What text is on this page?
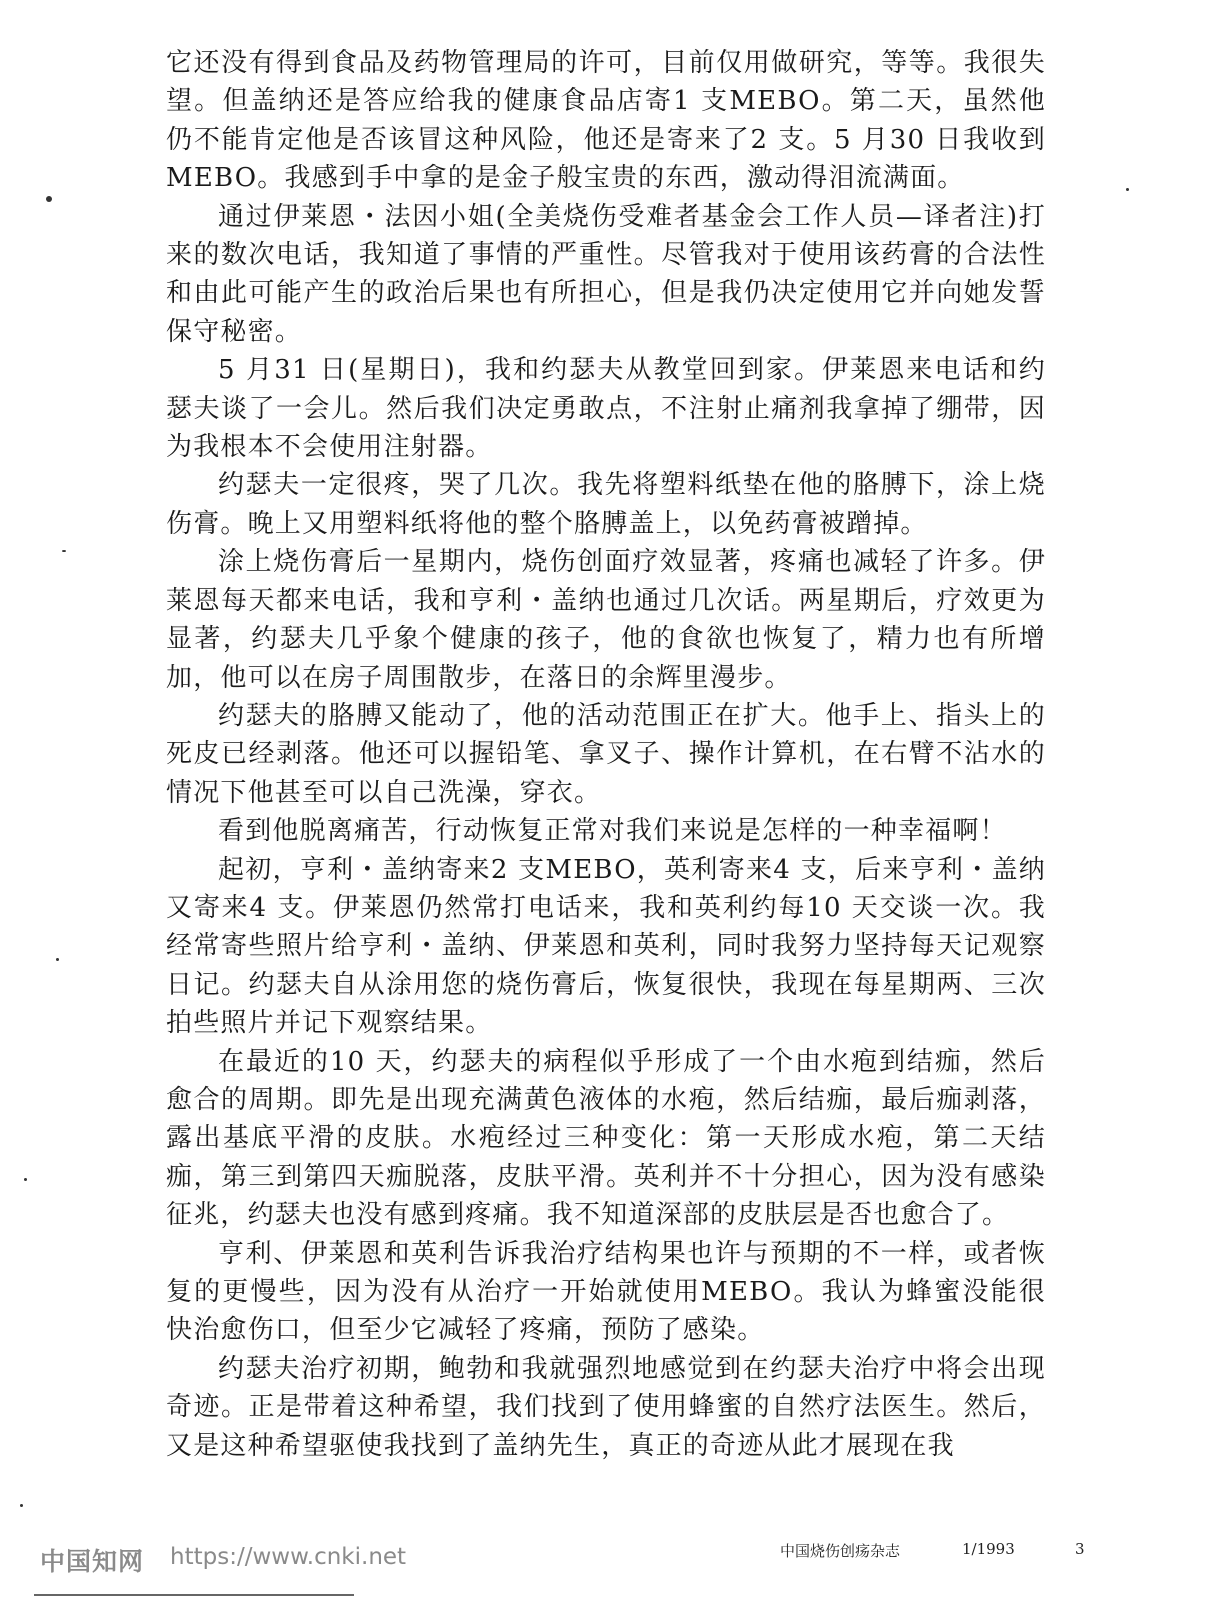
它还没有得到食品及药物管理局的许可，目前仅用做研究，等等。我很失望。但盖纳还是答应给我的健康食品店寄1 支MEBO。第二天，虽然他仍不能肯定他是否该冒这种风险，他还是寄来了2 支。5 月30 日我收到MEBO。我感到手中拿的是金子般宝贵的东西，激动得泪流满面。

通过伊莱恩・法因小姐(全美烧伤受难者基金会工作人员—译者注)打来的数次电话，我知道了事情的严重性。尽管我对于使用该药膏的合法性和由此可能产生的政治后果也有所担心，但是我仍决定使用它并向她发誓保守秘密。

5 月31 日(星期日)，我和约瑟夫从教堂回到家。伊莱恩来电话和约瑟夫谈了一会儿。然后我们决定勇敢点，不注射止痛剂我拿掉了绷带，因为我根本不会使用注射器。

约瑟夫一定很疼，哭了几次。我先将塑料纸垫在他的胳膊下，涂上烧伤膏。晚上又用塑料纸将他的整个胳膊盖上，以免药膏被蹭掉。

涂上烧伤膏后一星期内，烧伤创面疗效显著，疼痛也减轻了许多。伊莱恩每天都来电话，我和亨利・盖纳也通过几次话。两星期后，疗效更为显著，约瑟夫几乎象个健康的孩子，他的食欲也恢复了，精力也有所增加，他可以在房子周围散步，在落日的余辉里漫步。

约瑟夫的胳膊又能动了，他的活动范围正在扩大。他手上、指头上的死皮已经剥落。他还可以握铅笔、拿叉子、操作计算机，在右臂不沾水的情况下他甚至可以自己洗澡，穿衣。

看到他脱离痛苦，行动恢复正常对我们来说是怎样的一种幸福啊！

起初，亨利・盖纳寄来2 支MEBO，英利寄来4 支，后来亨利・盖纳又寄来4 支。伊莱恩仍然常打电话来，我和英利约每10 天交谈一次。我经常寄些照片给亨利・盖纳、伊莱恩和英利，同时我努力坚持每天记观察日记。约瑟夫自从涂用您的烧伤膏后，恢复很快，我现在每星期两、三次拍些照片并记下观察结果。

在最近的10 天，约瑟夫的病程似乎形成了一个由水疱到结痂，然后愈合的周期。即先是出现充满黄色液体的水疱，然后结痂，最后痂剥落，露出基底平滑的皮肤。水疱经过三种变化：第一天形成水疱，第二天结痂，第三到第四天痂脱落，皮肤平滑。英利并不十分担心，因为没有感染征兆，约瑟夫也没有感到疼痛。我不知道深部的皮肤层是否也愈合了。

亨利、伊莱恩和英利告诉我治疗结构果也许与预期的不一样，或者恢复的更慢些，因为没有从治疗一开始就使用MEBO。我认为蜂蜜没能很快治愈伤口，但至少它减轻了疼痛，预防了感染。

约瑟夫治疗初期，鲍勃和我就强烈地感觉到在约瑟夫治疗中将会出现奇迹。正是带着这种希望，我们找到了使用蜂蜜的自然疗法医生。然后，又是这种希望驱使我找到了盖纳先生，真正的奇迹从此才展现在我

中国知网 https://www.cnki.net	中国烧伤创疡杂志	1/1993	3
